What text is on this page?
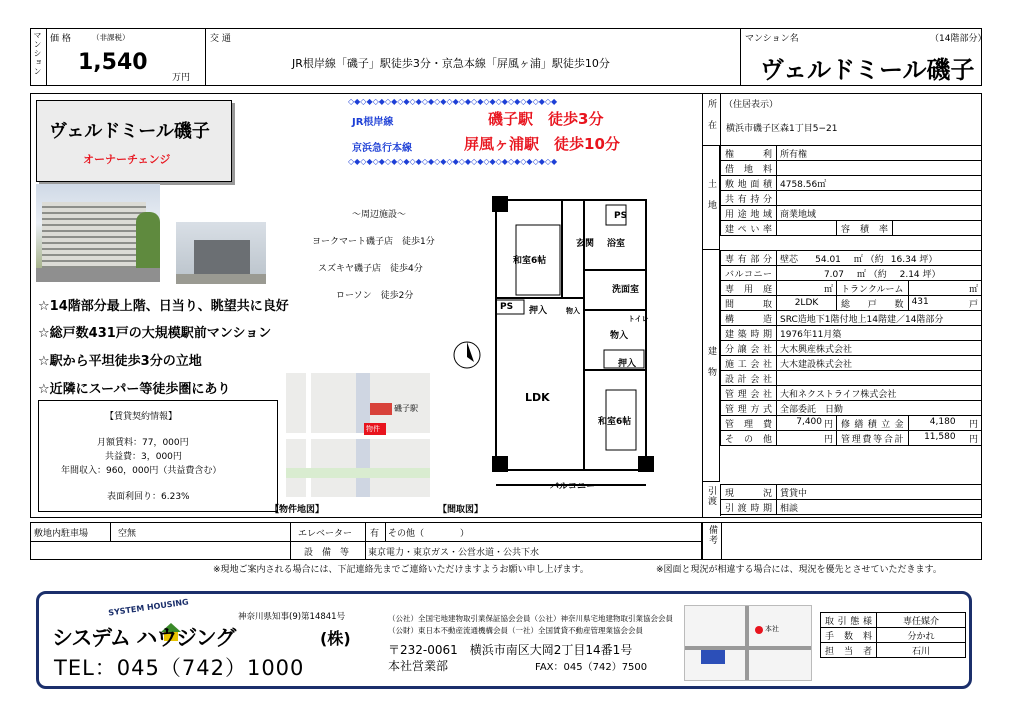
マンション 価 格	（非課税）
1,540
万円
交 通
JR根岸線「磯子」駅徒歩3分・京急本線「屏風ヶ浦」駅徒歩10分
マンション名	（14階部分）
ヴェルドミール磯子
ヴェルドミール磯子
オーナーチェンジ
◇◆◇◆◇◆◇◆◇◆◇◆◇◆◇◆◇◆◇◆◇◆◇◆◇◆◇◆◇◆◇◆◇◆
JR根岸線	磯子駅　徒歩3分
京浜急行本線	屏風ヶ浦駅　徒歩10分
◇◆◇◆◇◆◇◆◇◆◇◆◇◆◇◆◇◆◇◆◇◆◇◆◇◆◇◆◇◆◇◆◇◆
～周辺施設～
ヨークマート磯子店　徒歩1分
スズキヤ磯子店　徒歩4分
ローソン　徒歩2分
☆14階部分最上階、日当り、眺望共に良好
☆総戸数431戸の大規模駅前マンション
☆駅から平坦徒歩3分の立地
☆近隣にスーパー等徒歩圏にあり
【賃貸契約情報】
月額賃料：77，000円
共益費：3，000円
年間収入：960，000円（共益費含む）
表面利回り：6.23%
磯子駅
物件
【物件地図】
和室6帖
玄関 浴室
PS
洗面室
PS 押入	物入
トイレ
物入
押入
LDK
和室6帖
バルコニー
【間取図】
所在 （住居表示）
横浜市磯子区森1丁目5−21
土地
権利	所有権		
借地料			
敷地面積	4758.56㎡		
共有持分			
用途地域	商業地域		
建ぺい率		容積率	
建物
専有部分	壁芯 54.01 ㎡ （約 16.34 坪）		
バルコニー	7.07 ㎡ （約 2.14 坪）		
専用庭	㎡	トランクルーム	㎡
間取	2LDK	総戸数	431 戸

構造	SRC造地下1階付地上14階建／14階部分		
建築時期	1976年11月築		
分譲会社	大木興産株式会社		
施工会社	大木建設株式会社		
設計会社			
管理会社	大和ネクストライフ株式会社		
管理方式	全部委託　日勤		
管理費	7,400 円	修繕積立金	4,180 円

その他	円	管理費等合計	11,580 円
引渡 現況	賃貸中
引渡時期	相談
敷地内駐車場	空無	エレベーター 有 その他（　　　　）
設　備　等 東京電力・東京ガス・公営水道・公共下水
備考
※現地ご案内される場合には、下記連絡先までご連絡いただけますようお願い申し上げます。	※図面と現況が相違する場合には、現況を優先とさせていただきます。
SYSTEM HOUSING
シスデム ハウジング	(株)
TEL：045（742）1000
神奈川県知事(9)第14841号	（公社）全国宅地建物取引業保証協会会員（公社）神奈川県宅地建物取引業協会会員
（公財）東日本不動産流通機構会員（一社）全国賃貸不動産管理業協会会員
〒232-0061　横浜市南区大岡2丁目14番1号
本社営業部	FAX：045（742）7500
本社
取引態様	専任媒介
手数料	分かれ
担当者	石川
